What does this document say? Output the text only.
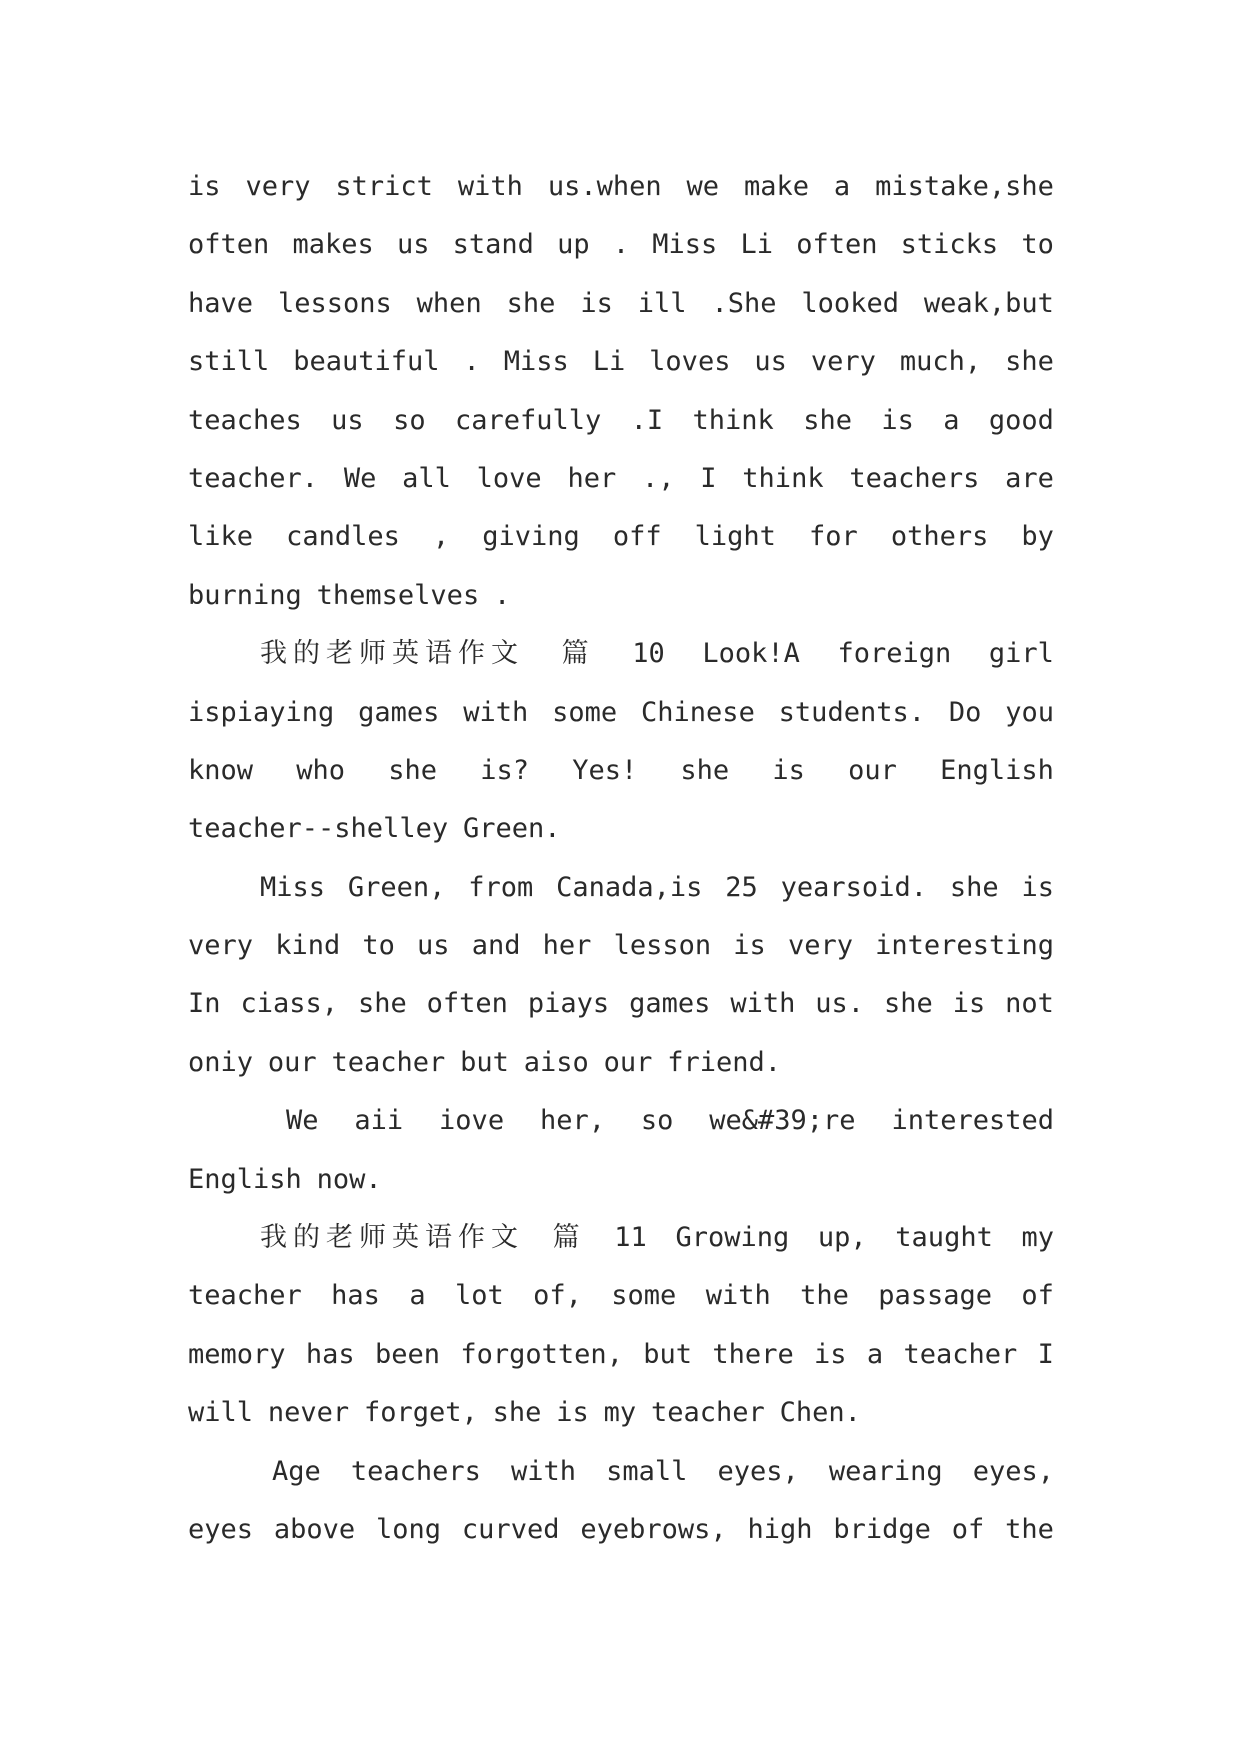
is very strict with us.when we make a mistake,she
often makes us stand up . Miss Li often sticks to
have lessons when she is ill .She looked weak,but
still beautiful . Miss Li loves us very much, she
teaches us so carefully .I think she is a good
teacher. We all love her ., I think teachers are
like candles , giving off light for others by
burning themselves .
我的老师英语作文 篇 10 Look!A foreign girl
ispiaying games with some Chinese students. Do you
know who she is? Yes! she is our English
teacher--shelley Green.
Miss Green, from Canada,is 25 yearsoid. she is
very kind to us and her lesson is very interesting
In ciass, she often piays games with us. she is not
oniy our teacher but aiso our friend.
We aii iove her, so we&#39;re interested
English now.
我的老师英语作文 篇 11 Growing up, taught my
teacher has a lot of, some with the passage of
memory has been forgotten, but there is a teacher I
will never forget, she is my teacher Chen.
Age teachers with small eyes, wearing eyes,
eyes above long curved eyebrows, high bridge of the
